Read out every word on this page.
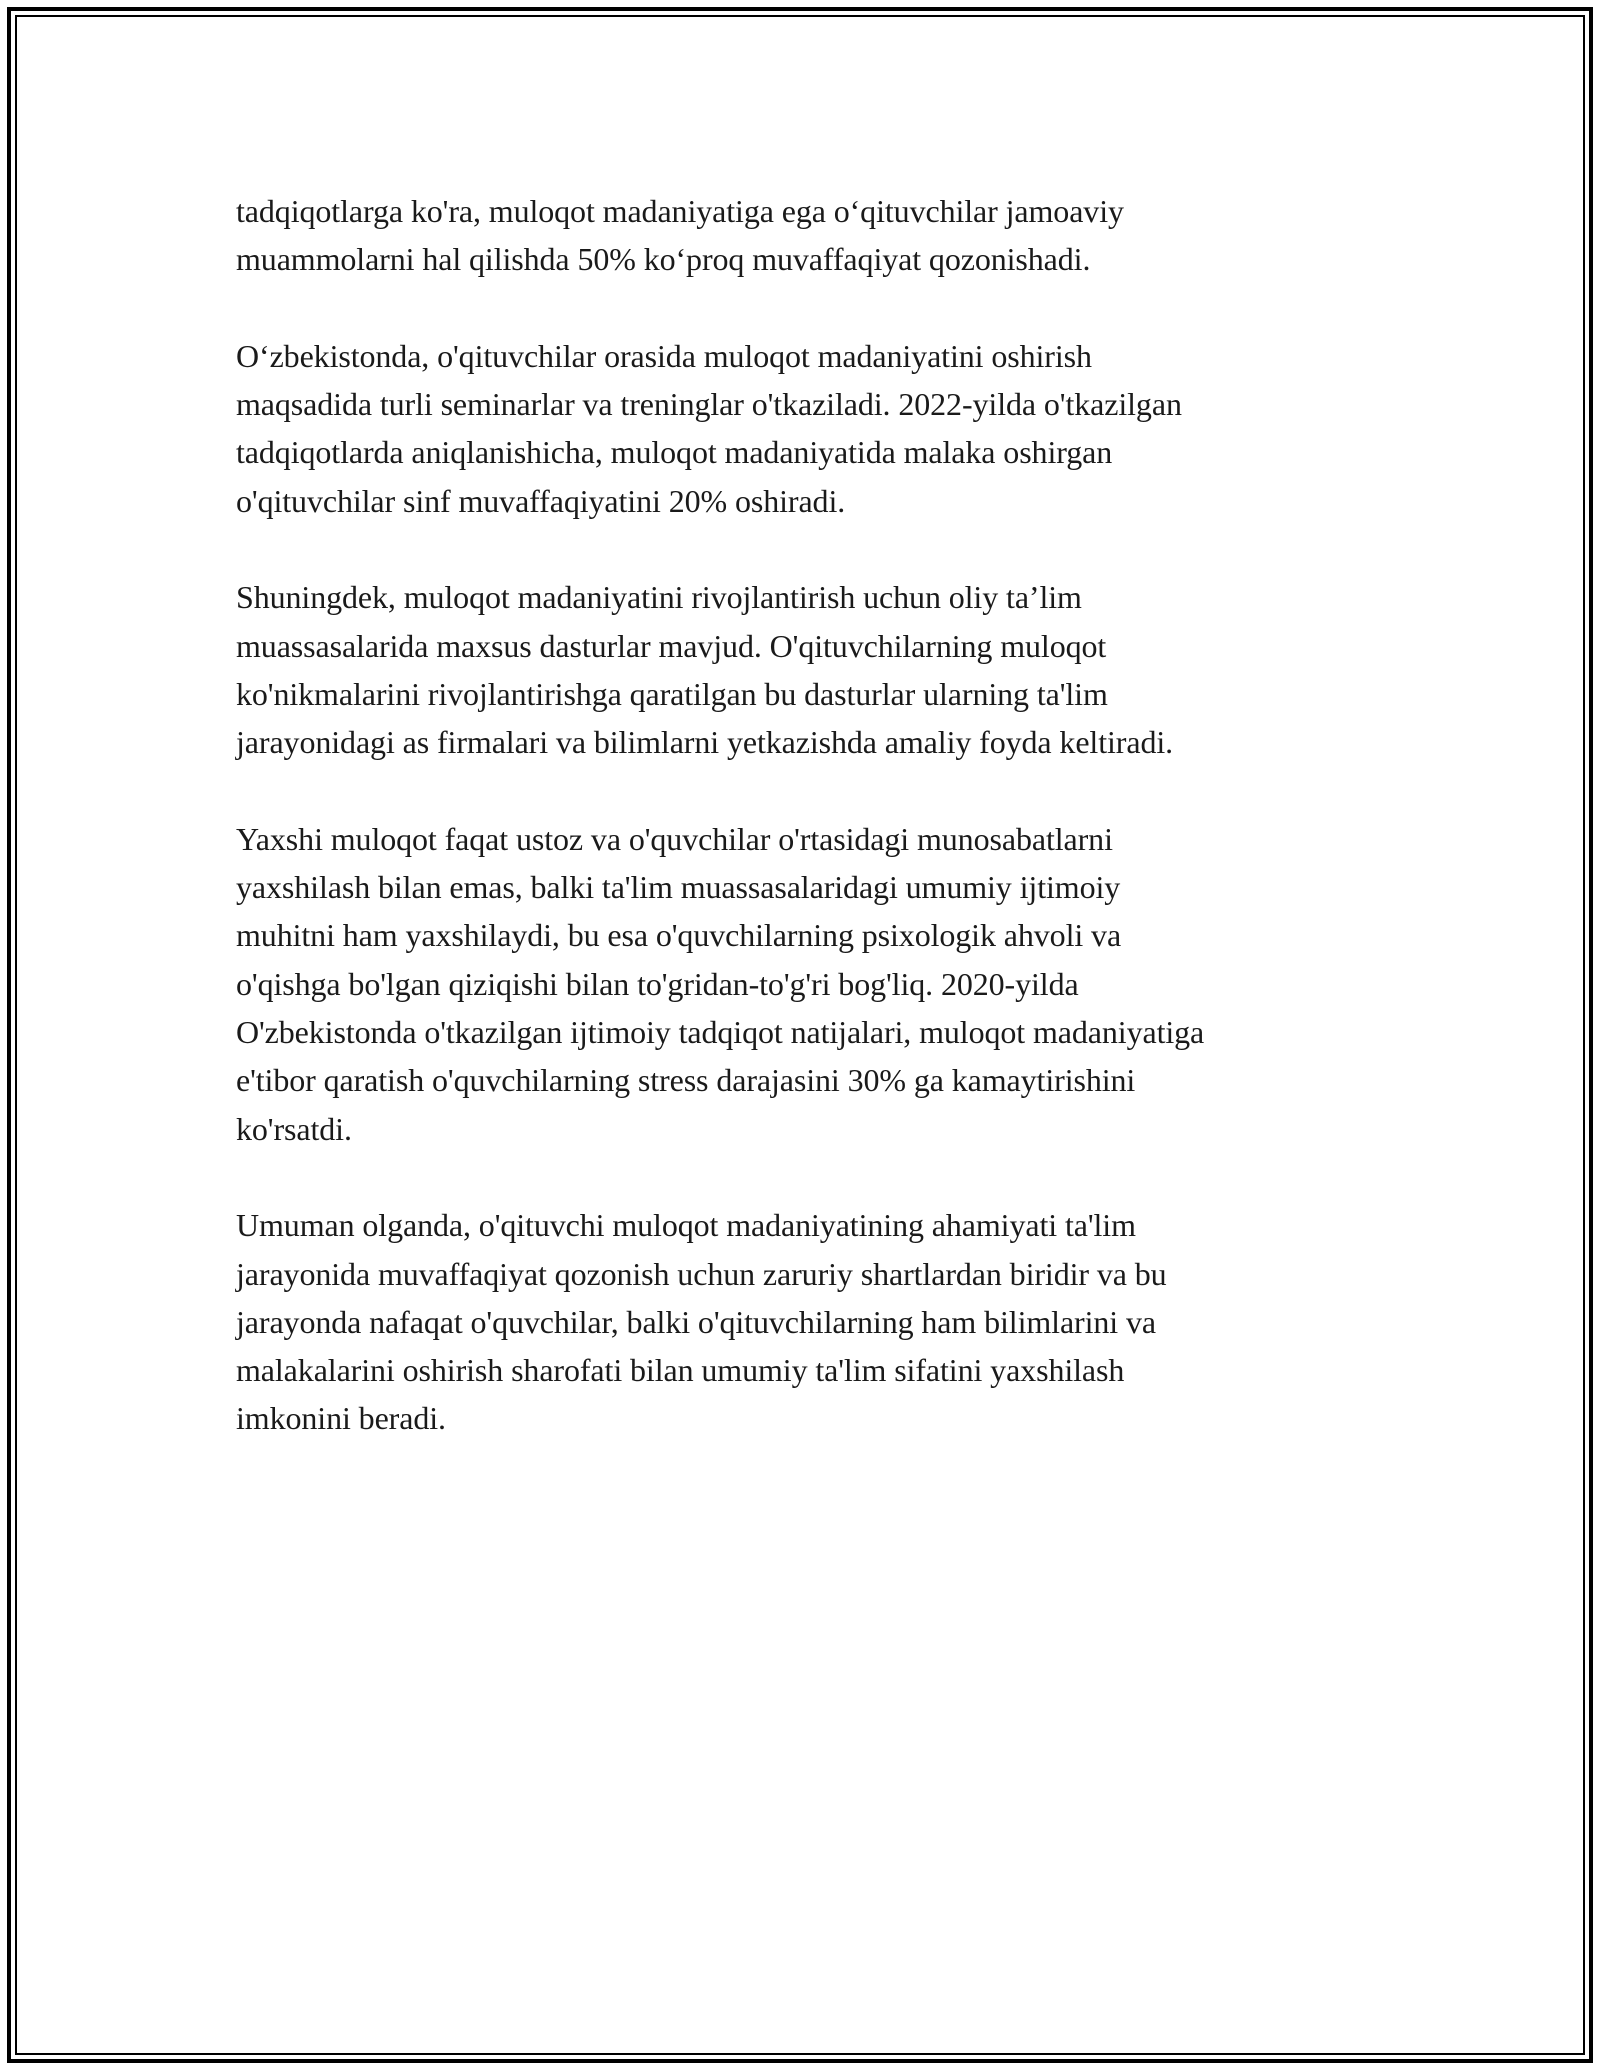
tadqiqotlarga ko'ra, muloqot madaniyatiga ega o‘qituvchilar jamoaviy
muammolarni hal qilishda 50% ko‘proq muvaffaqiyat qozonishadi.

O‘zbekistonda, o'qituvchilar orasida muloqot madaniyatini oshirish
maqsadida turli seminarlar va treninglar o'tkaziladi. 2022-yilda o'tkazilgan
tadqiqotlarda aniqlanishicha, muloqot madaniyatida malaka oshirgan
o'qituvchilar sinf muvaffaqiyatini 20% oshiradi.

Shuningdek, muloqot madaniyatini rivojlantirish uchun oliy ta’lim
muassasalarida maxsus dasturlar mavjud. O'qituvchilarning muloqot
ko'nikmalarini rivojlantirishga qaratilgan bu dasturlar ularning ta'lim
jarayonidagi as firmalari va bilimlarni yetkazishda amaliy foyda keltiradi.

Yaxshi muloqot faqat ustoz va o'quvchilar o'rtasidagi munosabatlarni
yaxshilash bilan emas, balki ta'lim muassasalaridagi umumiy ijtimoiy
muhitni ham yaxshilaydi, bu esa o'quvchilarning psixologik ahvoli va
o'qishga bo'lgan qiziqishi bilan to'gridan-to'g'ri bog'liq. 2020-yilda
O'zbekistonda o'tkazilgan ijtimoiy tadqiqot natijalari, muloqot madaniyatiga
e'tibor qaratish o'quvchilarning stress darajasini 30% ga kamaytirishini
ko'rsatdi.

Umuman olganda, o'qituvchi muloqot madaniyatining ahamiyati ta'lim
jarayonida muvaffaqiyat qozonish uchun zaruriy shartlardan biridir va bu
jarayonda nafaqat o'quvchilar, balki o'qituvchilarning ham bilimlarini va
malakalarini oshirish sharofati bilan umumiy ta'lim sifatini yaxshilash
imkonini beradi.
